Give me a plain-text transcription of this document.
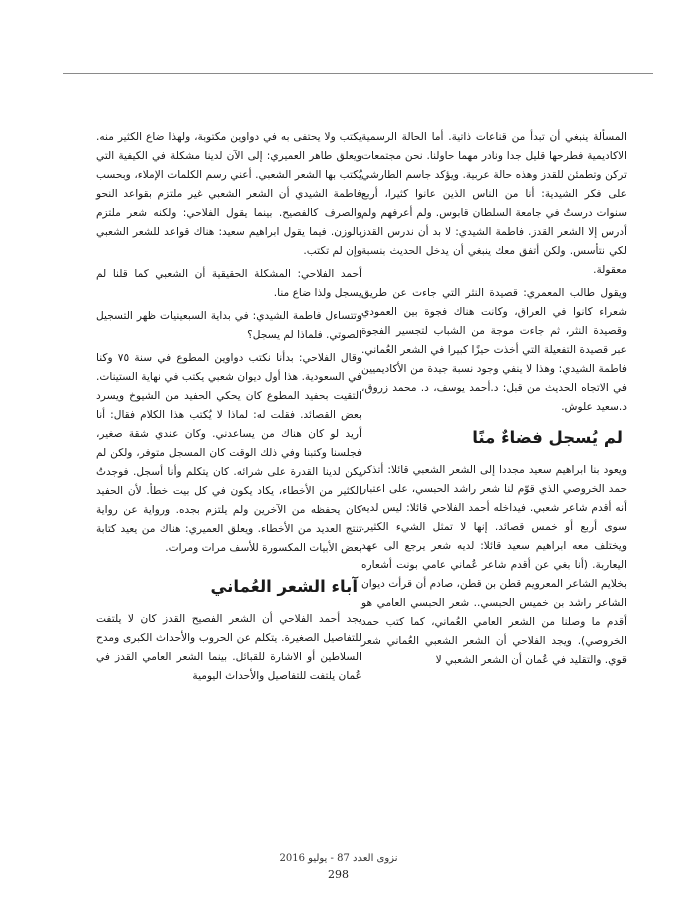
المسألة ينبغي أن تبدأ من قناعات ذاتية. أما الحالة الرسمية الاكاديمية فطرحها قليل جدا ونادر مهما حاولنا. نحن مجتمعات تركن وتطمئن للقدز وهذه حالة عربية. ويؤكد جاسم الطارشي على فكر الشيدية: أنا من الناس الذين عانوا كثيرا، أربع سنوات درستُ في جامعة السلطان قابوس. ولم أعرفهم ولم أدرس إلا الشعر القدز. فاطمة الشيدي: لا بد أن ندرس القدز لكي نتأسس. ولكن أتفق معك ينبغي أن يدخل الحديث بنسبة معقولة.

ويقول طالب المعمري: قصيدة النثر التي جاءت عن طريق شعراء كانوا في العراق، وكانت هناك فجوة بين العمودي وقصيدة النثر، ثم جاءت موجة من الشباب لتجسير الفجوة عبر قصيدة التفعيلة التي أخذت حيزًا كبيرا في الشعر العُماني. فاطمة الشيدي: وهذا لا ينفي وجود نسبة جيدة من الأكاديميين في الاتجاه الحديث من قبل: د.أحمد يوسف، د. محمد زروق، د.سعيد علوش.

لم يُسجل فضاءٌ منًا

ويعود بنا ابراهيم سعيد مجددا إلى الشعر الشعبي قائلا: أتذكر حمد الخروصي الذي قوّم لنا شعر راشد الحبسي، على اعتبار أنه أقدم شاعر شعبي. فيداخله أحمد الفلاحي قائلا: ليس لديه سوى أربع أو خمس قصائد. إنها لا تمثل الشيء الكثير. ويختلف معه ابراهيم سعيد قائلا: لديه شعر يرجع الى عهد اليعاربة. (أنا بغي عن أقدم شاعر عُماني عامي بونت أشعاره بخلايم الشاعر المعرويم قطن بن قطن، صادم أن قرأت ديوان الشاعر راشد بن خميس الحبسي.. شعر الحبسي العامي هو أقدم ما وصلنا من الشعر العامي العُماني، كما كتب حمد الخروصي). ويجد الفلاحي أن الشعر الشعبي العُماني شعر قوي. والتقليد في عُمان أن الشعر الشعبي لا

يكتب ولا يحتفى به في دواوين مكتوبة، ولهذا ضاع الكثير منه. ويعلق طاهر العميري: إلى الآن لدينا مشكلة في الكيفية التي يُكتب بها الشعر الشعبي. أعني رسم الكلمات الإملاء، وبحسب فاطمة الشيدي أن الشعر الشعبي غير ملتزم بقواعد النحو والصرف كالفصيح. بينما يقول الفلاحي: ولكنه شعر ملتزم بالوزن. فيما يقول ابراهيم سعيد: هناك قواعد للشعر الشعبي وإن لم تكتب.

أحمد الفلاحي: المشكلة الحقيقية أن الشعبي كما قلنا لم يسجل ولذا ضاع منا.

وتتساءل فاطمة الشيدي: في بداية السبعينيات ظهر التسجيل الصوتي. فلماذا لم يسجل؟

وقال الفلاحي: بدأنا نكتب دواوين المطوع في سنة ٧٥ وكنا في السعودية. هذا أول ديوان شعبي يكتب في نهاية الستينات. التقيت بحفيد المطوع كان يحكي الحفيد من الشيوخ ويسرد بعض القصائد. فقلت له: لماذا لا يُكتب هذا الكلام فقال: أنا أريد لو كان هناك من يساعدني. وكان عندي شقة صغير، فجلسنا وكتبنا وفي ذلك الوقت كان المسجل متوفر، ولكن لم يكن لدينا القدرة على شرائه. كان يتكلم وأنا أسجل. فوجدتُ الكثير من الأخطاء، يكاد يكون في كل بيت خطأ. لأن الحفيد كان يحفظه من الآخرين ولم يلتزم بجده. ورواية عن رواية تنتج العديد من الأخطاء. ويعلق العميري: هناك من يعيد كتابة بعض الأبيات المكسورة للأسف مرات ومرات.

آباء الشعر العُماني

يجد أحمد الفلاحي أن الشعر الفصيح القدز كان لا يلتفت للتفاصيل الصغيرة. يتكلم عن الحروب والأحداث الكبرى ومدح السلاطين أو الاشارة للقبائل. بينما الشعر العامي القدز في عُمان يلتفت للتفاصيل والأحداث اليومية

نزوى العدد 87 - يوليو 2016
298
